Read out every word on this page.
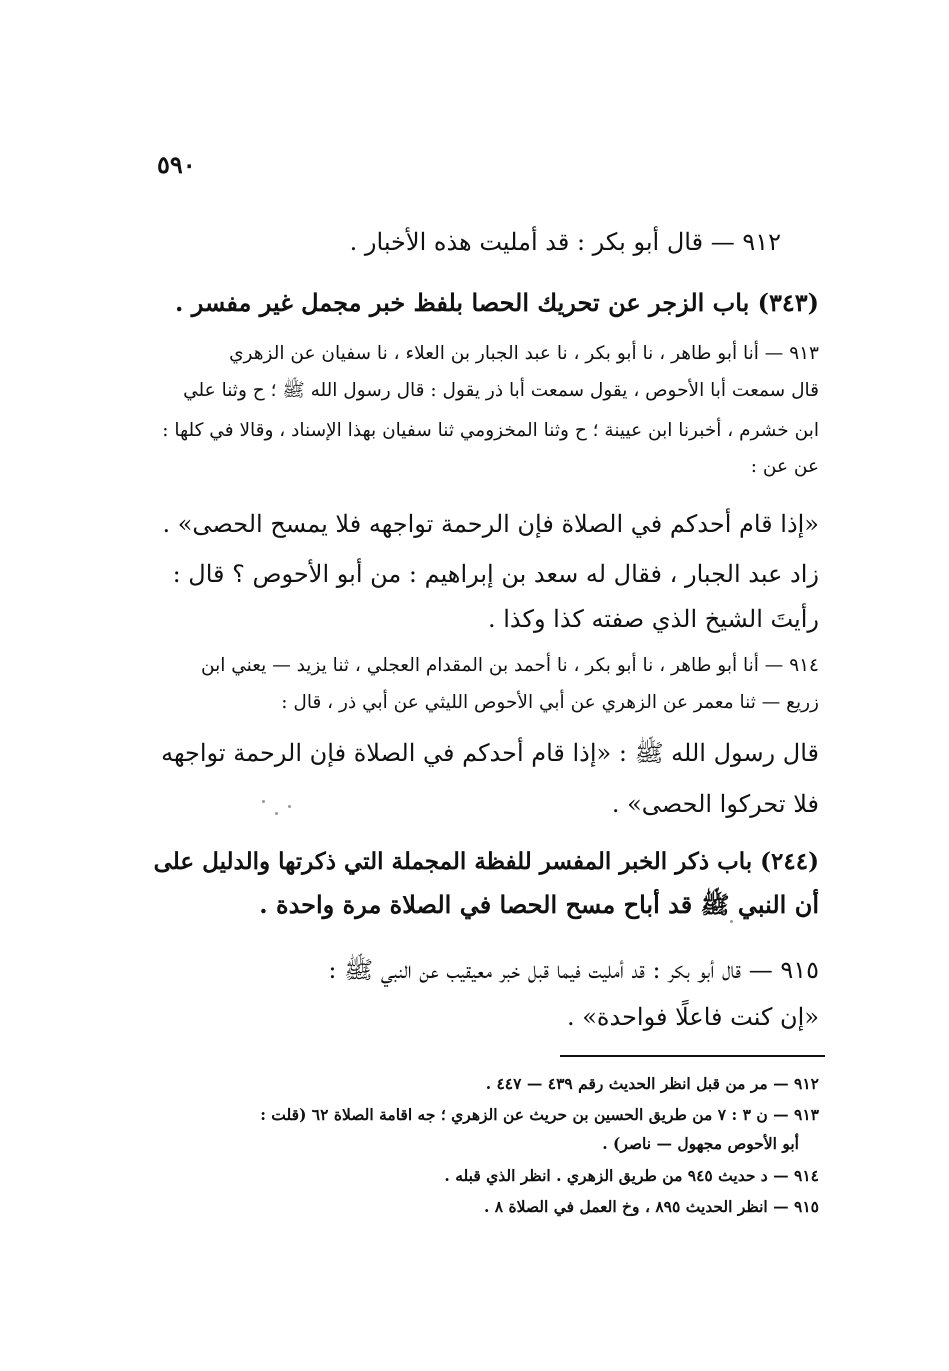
٥٩٠
٩١٢ — قال أبو بكر : قد أمليت هذه الأخبار .
(٣٤٣) باب الزجر عن تحريك الحصا بلفظ خبر مجمل غير مفسر .
٩١٣ — أنا أبو طاهر ، نا أبو بكر ، نا عبد الجبار بن العلاء ، نا سفيان عن الزهري
قال سمعت أبا الأحوص ، يقول سمعت أبا ذر يقول : قال رسول الله ﷺ ؛ ح وثنا علي
ابن خشرم ، أخبرنا ابن عيينة ؛ ح وثنا المخزومي ثنا سفيان بهذا الإسناد ، وقالا في كلها :
عن عن :
«إذا قام أحدكم في الصلاة فإن الرحمة تواجهه فلا يمسح الحصى» .
زاد عبد الجبار ، فقال له سعد بن إبراهيم : من أبو الأحوص ؟ قال :
رأيتَ الشيخ الذي صفته كذا وكذا .
٩١٤ — أنا أبو طاهر ، نا أبو بكر ، نا أحمد بن المقدام العجلي ، ثنا يزيد — يعني ابن
زريع — ثنا معمر عن الزهري عن أبي الأحوص الليثي عن أبي ذر ، قال :
قال رسول الله ﷺ : «إذا قام أحدكم في الصلاة فإن الرحمة تواجهه
فلا تحركوا الحصى» .
(٢٤٤) باب ذكر الخبر المفسر للفظة المجملة التي ذكرتها والدليل على
أن النبي ﷺ قد أباح مسح الحصا في الصلاة مرة واحدة .
٩١٥ — قال أبو بكر : قد أمليت فيما قبل خبر معيقيب عن النبي ﷺ :
«إن كنت فاعلًا فواحدة» .
٩١٢ — مر من قبل انظر الحديث رقم ٤٣٩ — ٤٤٧ .
٩١٣ — ن ٣ : ٧ من طريق الحسين بن حريث عن الزهري ؛ جه اقامة الصلاة ٦٢ (قلت :
أبو الأحوص مجهول — ناصر) .
٩١٤ — د حديث ٩٤٥ من طريق الزهري . انظر الذي قبله .
٩١٥ — انظر الحديث ٨٩٥ ، وخ العمل في الصلاة ٨ .
